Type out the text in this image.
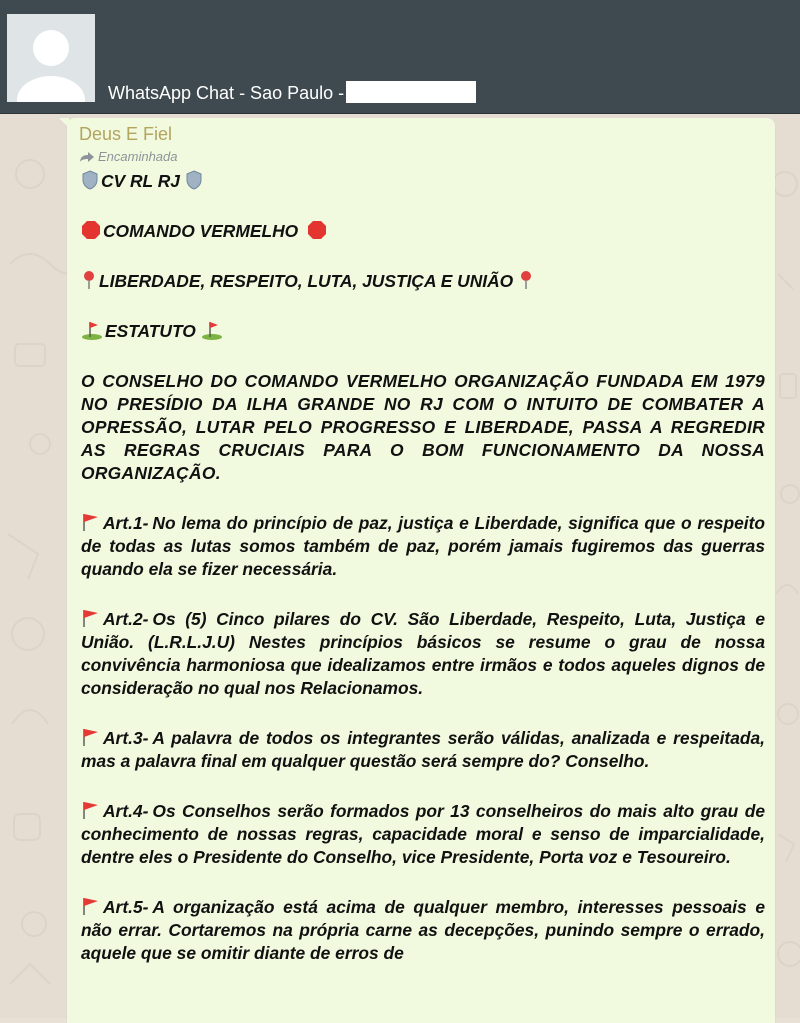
WhatsApp Chat - Sao Paulo -
Deus E Fiel
Encaminhada

CV RL RJ

COMANDO VERMELHO

LIBERDADE, RESPEITO, LUTA, JUSTIÇA E UNIÃO

ESTATUTO

O CONSELHO DO COMANDO VERMELHO ORGANIZAÇÃO FUNDADA EM 1979 NO PRESÍDIO DA ILHA GRANDE NO RJ COM O INTUITO DE COMBATER A OPRESSÃO, LUTAR PELO PROGRESSO E LIBERDADE, PASSA A REGREDIR AS REGRAS CRUCIAIS PARA O BOM FUNCIONAMENTO DA NOSSA ORGANIZAÇÃO.

Art.1- No lema do princípio de paz, justiça e Liberdade, significa que o respeito de todas as lutas somos também de paz, porém jamais fugiremos das guerras quando ela se fizer necessária.

Art.2- Os (5) Cinco pilares do CV. São Liberdade, Respeito, Luta, Justiça e União. (L.R.L.J.U) Nestes princípios básicos se resume o grau de nossa convivência harmoniosa que idealizamos entre irmãos e todos aqueles dignos de consideração no qual nos Relacionamos.

Art.3- A palavra de todos os integrantes serão válidas, analizada e respeitada, mas a palavra final em qualquer questão será sempre do? Conselho.

Art.4- Os Conselhos serão formados por 13 conselheiros do mais alto grau de conhecimento de nossas regras, capacidade moral e senso de imparcialidade, dentre eles o Presidente do Conselho, vice Presidente, Porta voz e Tesoureiro.

Art.5- A organização está acima de qualquer membro, interesses pessoais e não errar. Cortaremos na própria carne as decepções, punindo sempre o errado, aquele que se omitir diante de erros de
